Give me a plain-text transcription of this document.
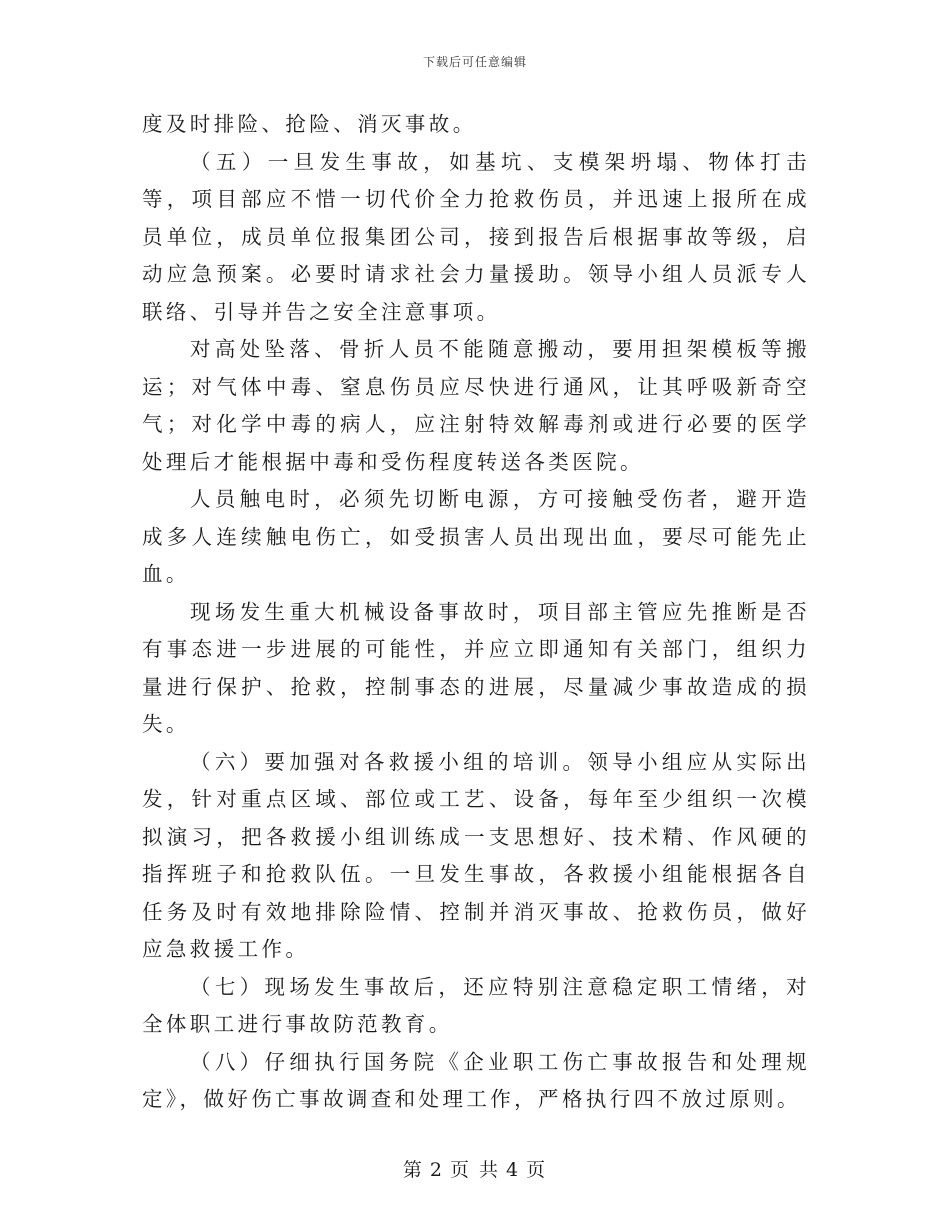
下载后可任意编辑

度及时排险、抢险、消灭事故。

（五）一旦发生事故，如基坑、支模架坍塌、物体打击等，项目部应不惜一切代价全力抢救伤员，并迅速上报所在成员单位，成员单位报集团公司，接到报告后根据事故等级，启动应急预案。必要时请求社会力量援助。领导小组人员派专人联络、引导并告之安全注意事项。

对高处坠落、骨折人员不能随意搬动，要用担架模板等搬运；对气体中毒、窒息伤员应尽快进行通风，让其呼吸新奇空气；对化学中毒的病人，应注射特效解毒剂或进行必要的医学处理后才能根据中毒和受伤程度转送各类医院。

人员触电时，必须先切断电源，方可接触受伤者，避开造成多人连续触电伤亡，如受损害人员出现出血，要尽可能先止血。

现场发生重大机械设备事故时，项目部主管应先推断是否有事态进一步进展的可能性，并应立即通知有关部门，组织力量进行保护、抢救，控制事态的进展，尽量减少事故造成的损失。

（六）要加强对各救援小组的培训。领导小组应从实际出发，针对重点区域、部位或工艺、设备，每年至少组织一次模拟演习，把各救援小组训练成一支思想好、技术精、作风硬的指挥班子和抢救队伍。一旦发生事故，各救援小组能根据各自任务及时有效地排除险情、控制并消灭事故、抢救伤员，做好应急救援工作。

（七）现场发生事故后，还应特别注意稳定职工情绪，对全体职工进行事故防范教育。

（八）仔细执行国务院《企业职工伤亡事故报告和处理规定》，做好伤亡事故调查和处理工作，严格执行四不放过原则。

第 2 页 共 4 页
